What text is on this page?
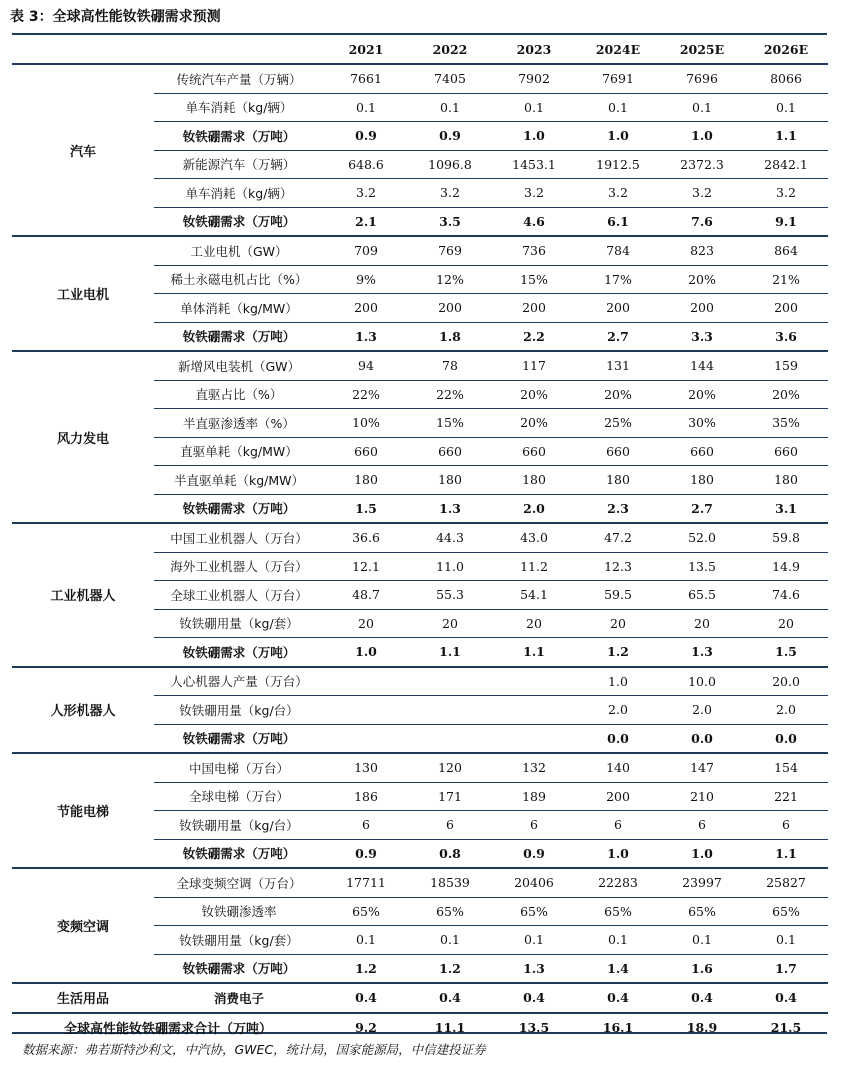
表 3：全球高性能钕铁硼需求预测
		2021	2022	2023	2024E	2025E	2026E
汽车	传统汽车产量（万辆）	7661	7405	7902	7691	7696	8066
	单车消耗（kg/辆）	0.1	0.1	0.1	0.1	0.1	0.1
	钕铁硼需求（万吨）	0.9	0.9	1.0	1.0	1.0	1.1
	新能源汽车（万辆）	648.6	1096.8	1453.1	1912.5	2372.3	2842.1
	单车消耗（kg/辆）	3.2	3.2	3.2	3.2	3.2	3.2
	钕铁硼需求（万吨）	2.1	3.5	4.6	6.1	7.6	9.1
工业电机	工业电机（GW）	709	769	736	784	823	864
	稀土永磁电机占比（%）	9%	12%	15%	17%	20%	21%
	单体消耗（kg/MW）	200	200	200	200	200	200
	钕铁硼需求（万吨）	1.3	1.8	2.2	2.7	3.3	3.6
风力发电	新增风电装机（GW）	94	78	117	131	144	159
	直驱占比（%）	22%	22%	20%	20%	20%	20%
	半直驱渗透率（%）	10%	15%	20%	25%	30%	35%
	直驱单耗（kg/MW）	660	660	660	660	660	660
	半直驱单耗（kg/MW）	180	180	180	180	180	180
	钕铁硼需求（万吨）	1.5	1.3	2.0	2.3	2.7	3.1
工业机器人	中国工业机器人（万台）	36.6	44.3	43.0	47.2	52.0	59.8
	海外工业机器人（万台）	12.1	11.0	11.2	12.3	13.5	14.9
	全球工业机器人（万台）	48.7	55.3	54.1	59.5	65.5	74.6
	钕铁硼用量（kg/套）	20	20	20	20	20	20
	钕铁硼需求（万吨）	1.0	1.1	1.1	1.2	1.3	1.5
人形机器人	人心机器人产量（万台）				1.0	10.0	20.0
	钕铁硼用量（kg/台）				2.0	2.0	2.0
	钕铁硼需求（万吨）				0.0	0.0	0.0
节能电梯	中国电梯（万台）	130	120	132	140	147	154
	全球电梯（万台）	186	171	189	200	210	221
	钕铁硼用量（kg/台）	6	6	6	6	6	6
	钕铁硼需求（万吨）	0.9	0.8	0.9	1.0	1.0	1.1
变频空调	全球变频空调（万台）	17711	18539	20406	22283	23997	25827
	钕铁硼渗透率	65%	65%	65%	65%	65%	65%
	钕铁硼用量（kg/套）	0.1	0.1	0.1	0.1	0.1	0.1
	钕铁硼需求（万吨）	1.2	1.2	1.3	1.4	1.6	1.7
生活用品	消费电子	0.4	0.4	0.4	0.4	0.4	0.4
全球高性能钕铁硼需求合计（万吨）		9.2	11.1	13.5	16.1	18.9	21.5
数据来源：弗若斯特沙利文，中汽协，GWEC，统计局，国家能源局，中信建投证券
